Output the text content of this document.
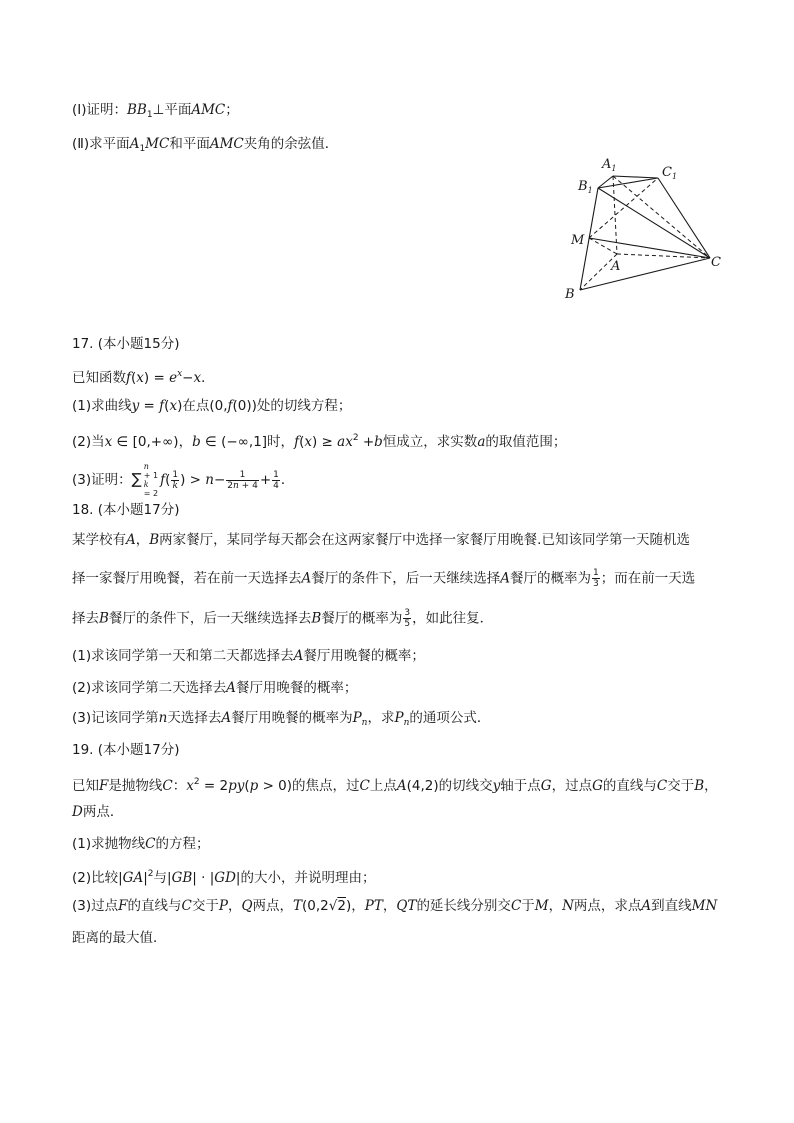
(Ⅰ)证明：$BB_1\perp$平面AMC；
(Ⅱ)求平面$A_1MC$和平面AMC夹角的余弦值．
$A_1$	$C_1$
$B_1$
M
A	C
B
17. (本小题15分)
已知函数$f(x) = e^x-x$．
(1)求曲线y = f(x)在点(0,f(0))处的切线方程；
(2)当x ∈ [0,+∞)，b ∈ (−∞,1]时，$f(x) \ge ax^2 +b$恒成立，求实数a的取值范围；
(3)证明：∑
n
+ 1
k
= 2
$f( \frac{1}{k}$ ) > $n- \frac{1}{2n + 4} + \frac{1}{4}$ ．
18. (本小题17分)
某学校有A，B两家餐厅，某同学每天都会在这两家餐厅中选择一家餐厅用晚餐.已知该同学第一天随机选
择一家餐厅用晚餐，若在前一天选择去A餐厅的条件下，后一天继续选择A餐厅的概率为 $\frac{1}{3}$ ；而在前一天选
择去B餐厅的条件下，后一天继续选择去B餐厅的概率为 $\frac{3}{5}$ ，如此往复．
(1)求该同学第一天和第二天都选择去A餐厅用晚餐的概率；
(2)求该同学第二天选择去A餐厅用晚餐的概率；
(3)记该同学第n天选择去A餐厅用晚餐的概率为$P_n$，求$P_n$的通项公式．
19. (本小题17分)
已知F是抛物线C：$x^2 = 2py(p > 0)$的焦点，过C上点A(4,2)的切线交y轴于点G，过点G的直线与C交于B，
D两点．
(1)求抛物线C的方程；
(2)比较$|GA|^2$与|GB| · |GD|的大小，并说明理由；
(3)过点F的直线与C交于P，Q两点，T(0,2√2)，PT，QT的延长线分别交C于M，N两点，求点A到直线MN
距离的最大值．
